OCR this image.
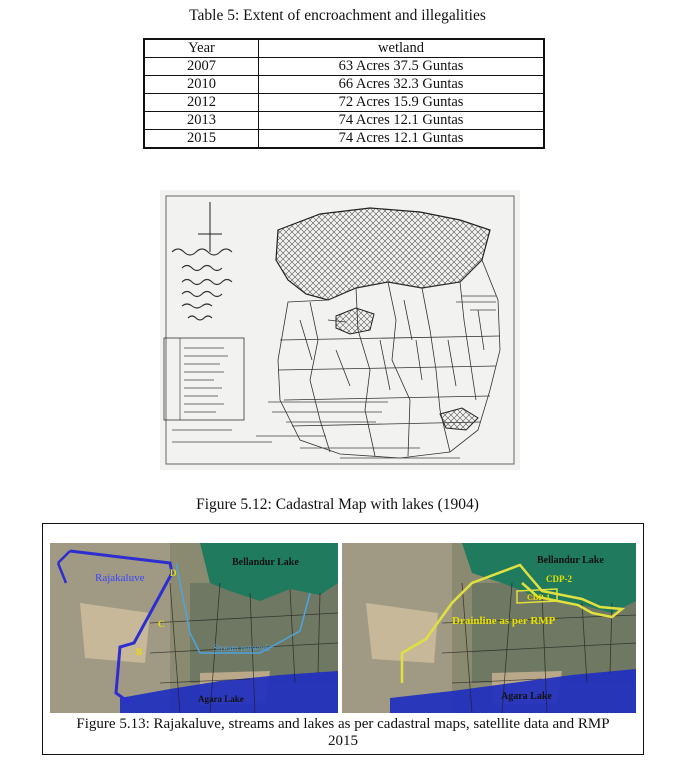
Table 5: Extent of encroachment and illegalities
Year	wetland
2007	63 Acres 37.5 Guntas
2010	66 Acres 32.3 Guntas
2012	72 Acres 15.9 Guntas
2013	74 Acres 12.1 Guntas
2015	74 Acres 12.1 Guntas
Figure 5.12: Cadastral Map with lakes (1904)
Bellandur Lake
Rajakaluve	D
C
B	Stream network
Agara Lake
Bellandur Lake
CDP-2
CDP-1
Drainline as per RMP
Agara Lake
Figure 5.13: Rajakaluve, streams and lakes as per cadastral maps, satellite data and RMP
2015
